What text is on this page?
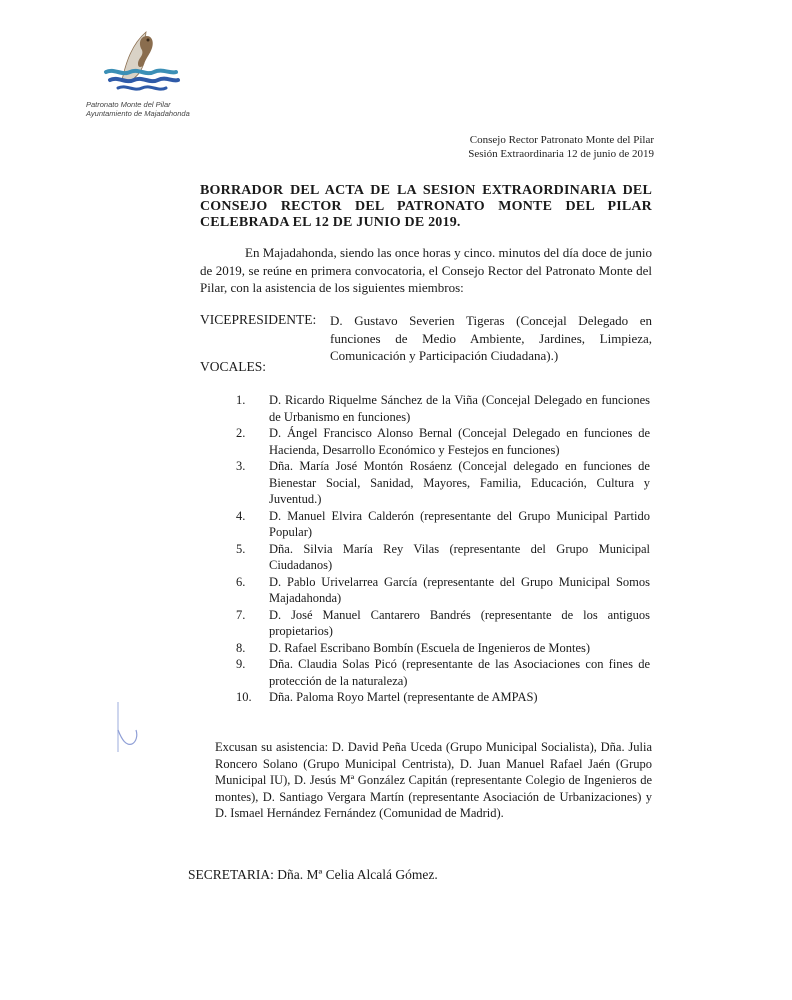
Patronato Monte del Pilar
Ayuntamiento de Majadahonda
Consejo Rector Patronato Monte del Pilar
Sesión Extraordinaria 12 de junio de 2019
BORRADOR DEL ACTA DE LA SESION EXTRAORDINARIA DEL CONSEJO RECTOR DEL PATRONATO MONTE DEL PILAR CELEBRADA EL 12 DE JUNIO DE 2019.
En Majadahonda, siendo las once horas y cinco. minutos del día doce de junio de 2019, se reúne en primera convocatoria, el Consejo Rector del Patronato Monte del Pilar, con la asistencia de los siguientes miembros:
VICEPRESIDENTE: D. Gustavo Severien Tigeras (Concejal Delegado en funciones de Medio Ambiente, Jardines, Limpieza, Comunicación y Participación Ciudadana).)
VOCALES:
1.	D. Ricardo Riquelme Sánchez de la Viña (Concejal Delegado en funciones de Urbanismo en funciones)
2.	D. Ángel Francisco Alonso Bernal (Concejal Delegado en funciones de Hacienda, Desarrollo Económico y Festejos en funciones)
3.	Dña. María José Montón Rosáenz (Concejal delegado en funciones de Bienestar Social, Sanidad, Mayores, Familia, Educación, Cultura y Juventud.)
4.	D. Manuel Elvira Calderón (representante del Grupo Municipal Partido Popular)
5.	Dña. Silvia María Rey Vilas (representante del Grupo Municipal Ciudadanos)
6.	D. Pablo Urivelarrea García (representante del Grupo Municipal Somos Majadahonda)
7.	D. José Manuel Cantarero Bandrés (representante de los antiguos propietarios)
8.	D. Rafael Escribano Bombín (Escuela de Ingenieros de Montes)
9.	Dña. Claudia Solas Picó (representante de las Asociaciones con fines de protección de la naturaleza)
10.	Dña. Paloma Royo Martel (representante de AMPAS)
Excusan su asistencia: D. David Peña Uceda (Grupo Municipal Socialista), Dña. Julia Roncero Solano (Grupo Municipal Centrista), D. Juan Manuel Rafael Jaén (Grupo Municipal IU), D. Jesús Mª González Capitán (representante Colegio de Ingenieros de montes), D. Santiago Vergara Martín (representante Asociación de Urbanizaciones) y D. Ismael Hernández Fernández (Comunidad de Madrid).
SECRETARIA: Dña. Mª Celia Alcalá Gómez.
